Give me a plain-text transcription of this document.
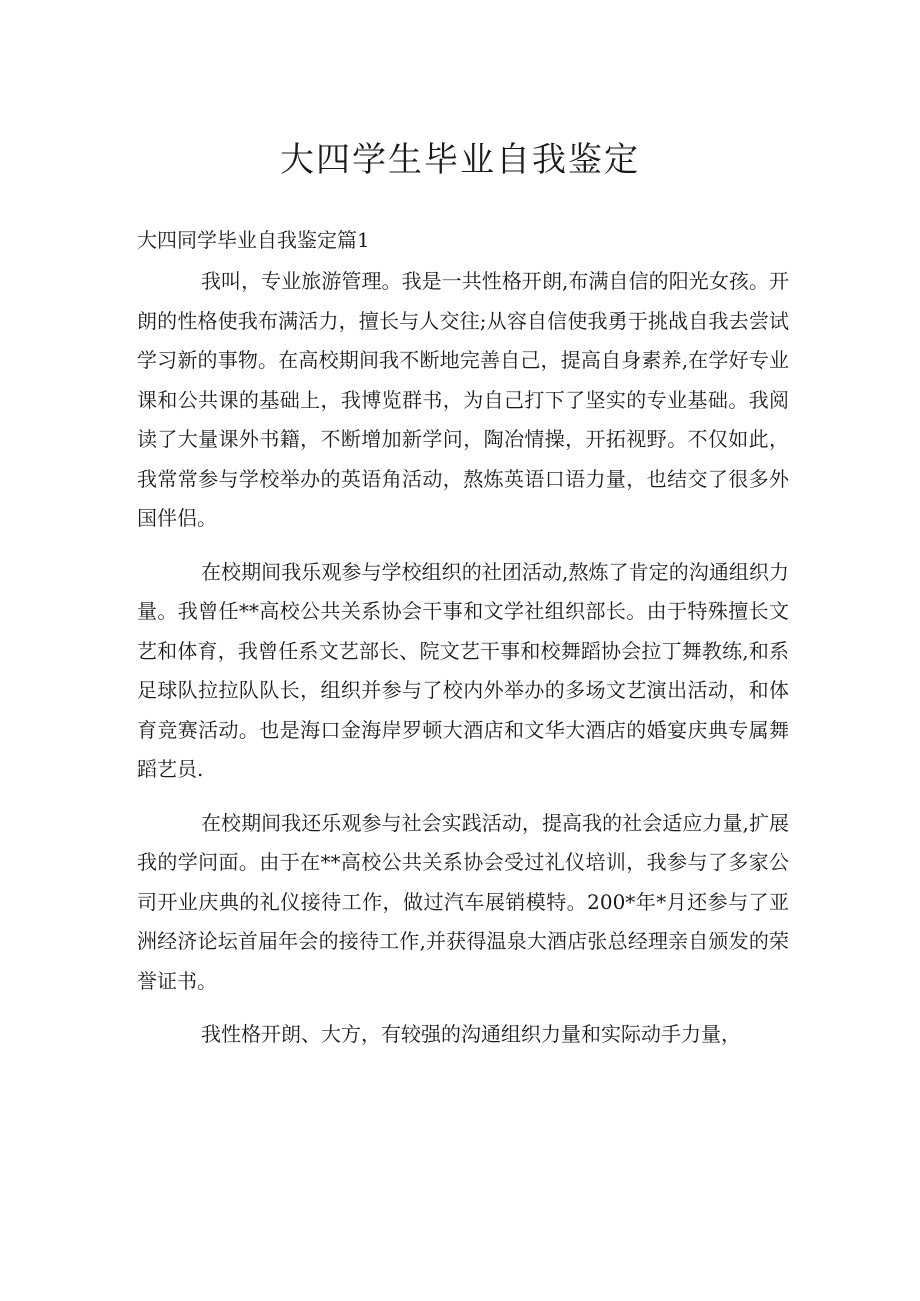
大四学生毕业自我鉴定
大四同学毕业自我鉴定篇1

我叫，专业旅游管理。我是一共性格开朗,布满自信的阳光女孩。开朗的性格使我布满活力，擅长与人交往;从容自信使我勇于挑战自我去尝试学习新的事物。在高校期间我不断地完善自己，提高自身素养,在学好专业课和公共课的基础上，我博览群书，为自己打下了坚实的专业基础。我阅读了大量课外书籍，不断增加新学问，陶冶情操，开拓视野。不仅如此，我常常参与学校举办的英语角活动，熬炼英语口语力量，也结交了很多外国伴侣。

在校期间我乐观参与学校组织的社团活动,熬炼了肯定的沟通组织力量。我曾任**高校公共关系协会干事和文学社组织部长。由于特殊擅长文艺和体育，我曾任系文艺部长、院文艺干事和校舞蹈协会拉丁舞教练,和系足球队拉拉队队长，组织并参与了校内外举办的多场文艺演出活动，和体育竞赛活动。也是海口金海岸罗顿大酒店和文华大酒店的婚宴庆典专属舞蹈艺员.

在校期间我还乐观参与社会实践活动，提高我的社会适应力量,扩展我的学问面。由于在**高校公共关系协会受过礼仪培训，我参与了多家公司开业庆典的礼仪接待工作，做过汽车展销模特。200*年*月还参与了亚洲经济论坛首届年会的接待工作,并获得温泉大酒店张总经理亲自颁发的荣誉证书。

我性格开朗、大方，有较强的沟通组织力量和实际动手力量，
